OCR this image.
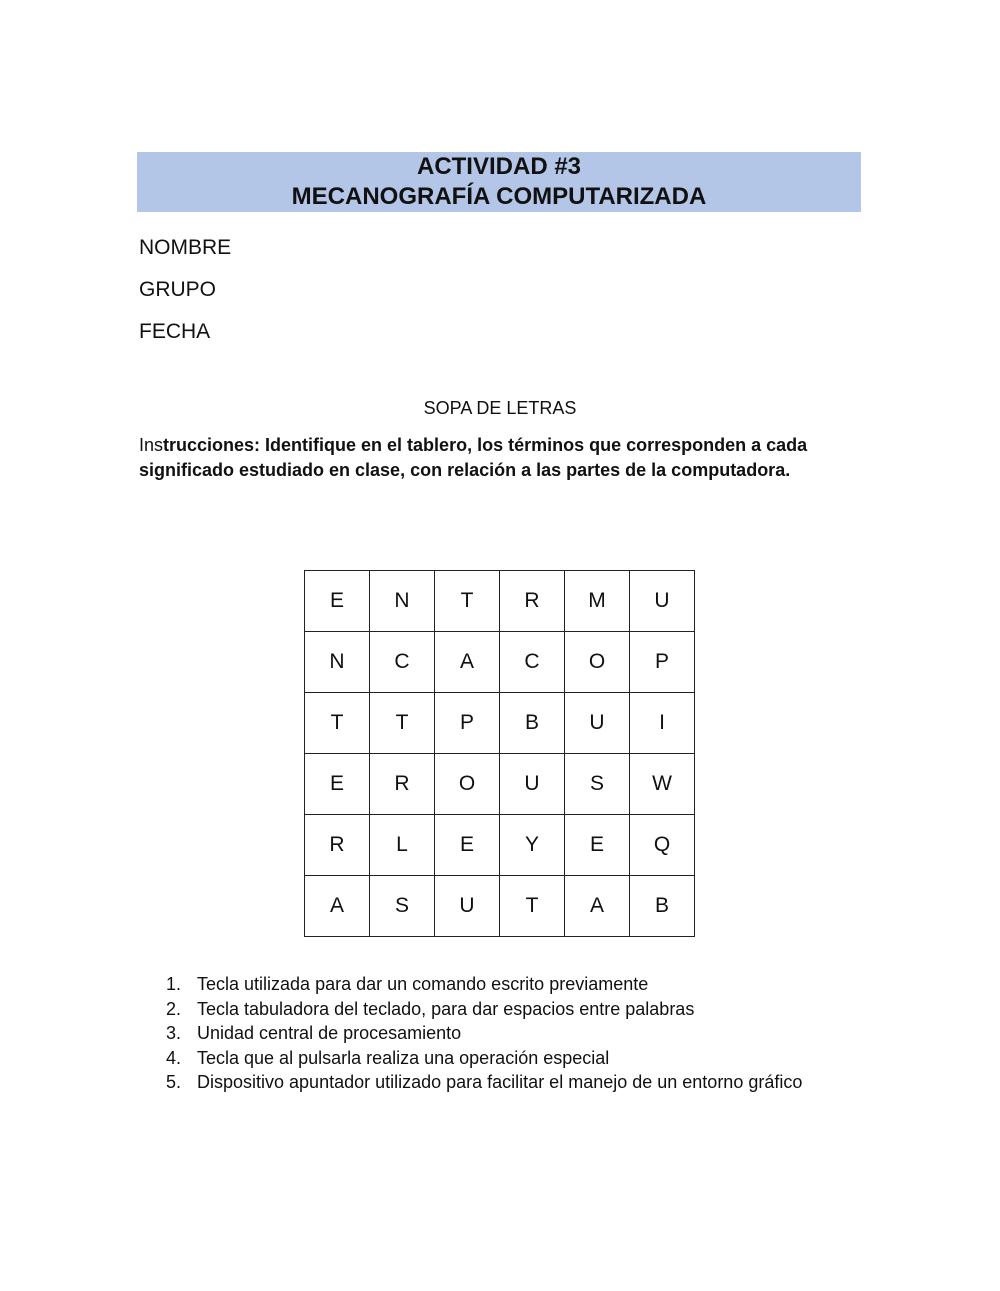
ACTIVIDAD #3
MECANOGRAFÍA COMPUTARIZADA
NOMBRE
GRUPO
FECHA
SOPA DE LETRAS
Instrucciones: Identifique en el tablero, los términos que corresponden a cada significado estudiado en clase, con relación a las partes de la computadora.
E	N	T	R	M	U
N	C	A	C	O	P
T	T	P	B	U	I
E	R	O	U	S	W
R	L	E	Y	E	Q
A	S	U	T	A	B
1. Tecla utilizada para dar un comando escrito previamente
2. Tecla tabuladora del teclado, para dar espacios entre palabras
3. Unidad central de procesamiento
4. Tecla que al pulsarla realiza una operación especial
5. Dispositivo apuntador utilizado para facilitar el manejo de un entorno gráfico
